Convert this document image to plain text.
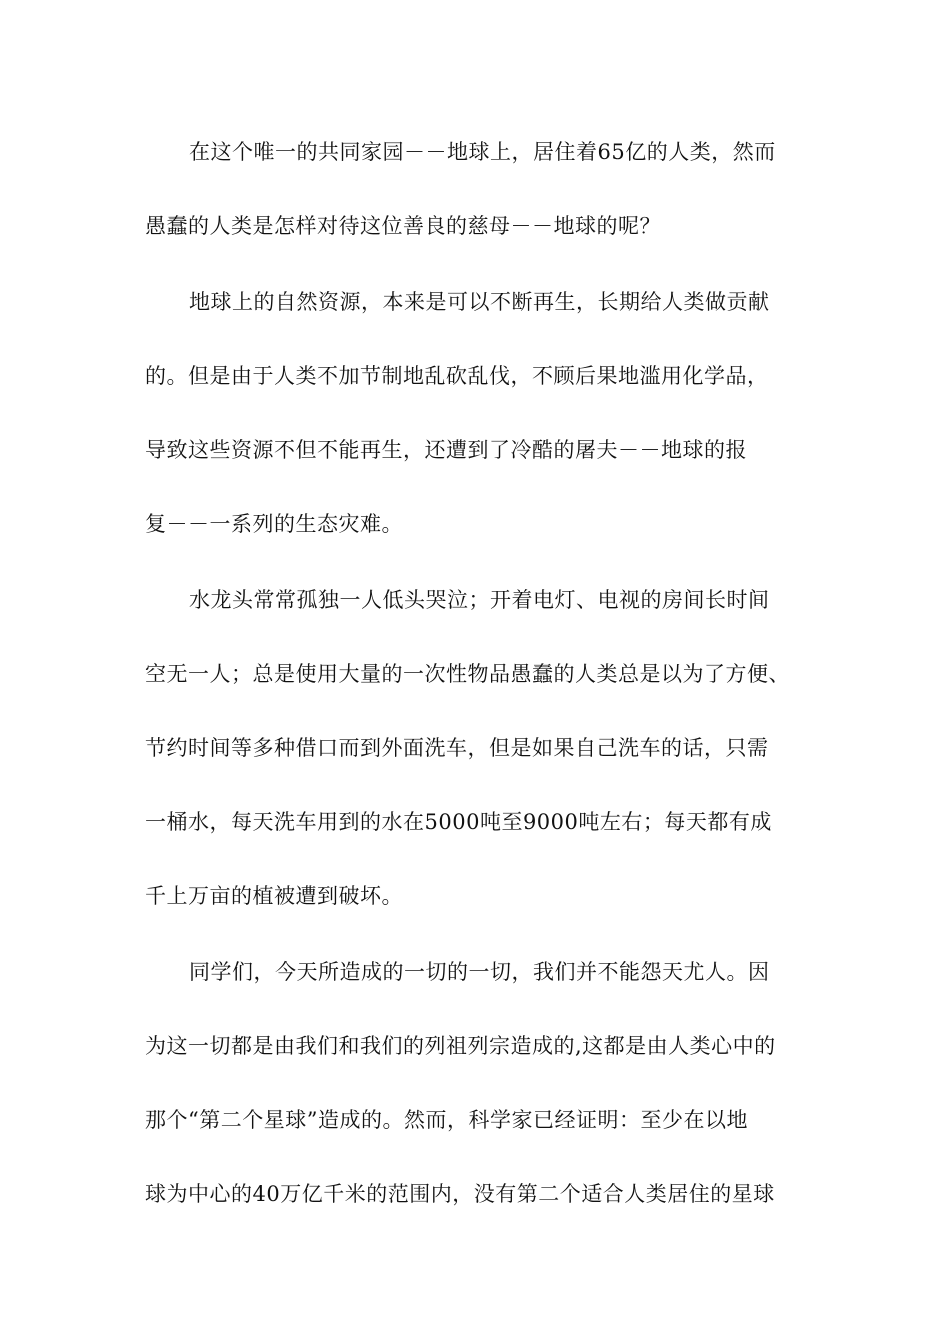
在这个唯一的共同家园－－地球上，居住着65亿的人类，然而
愚蠢的人类是怎样对待这位善良的慈母－－地球的呢？
地球上的自然资源，本来是可以不断再生，长期给人类做贡献
的。但是由于人类不加节制地乱砍乱伐，不顾后果地滥用化学品，
导致这些资源不但不能再生，还遭到了冷酷的屠夫－－地球的报
复－－一系列的生态灾难。
水龙头常常孤独一人低头哭泣；开着电灯、电视的房间长时间
空无一人；总是使用大量的一次性物品愚蠢的人类总是以为了方便、
节约时间等多种借口而到外面洗车，但是如果自己洗车的话，只需
一桶水，每天洗车用到的水在5000吨至9000吨左右；每天都有成
千上万亩的植被遭到破坏。
同学们，今天所造成的一切的一切，我们并不能怨天尤人。因
为这一切都是由我们和我们的列祖列宗造成的,这都是由人类心中的
那个“第二个星球”造成的。然而，科学家已经证明：至少在以地
球为中心的40万亿千米的范围内，没有第二个适合人类居住的星球
